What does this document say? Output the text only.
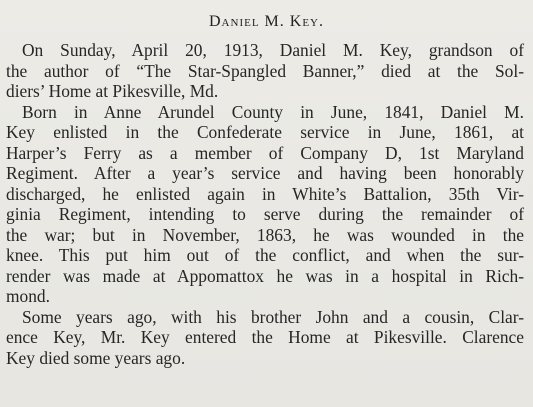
Daniel M. Key.
On Sunday, April 20, 1913, Daniel M. Key, grandson of
the author of “The Star-Spangled Banner,” died at the Sol-
diers’ Home at Pikesville, Md.
Born in Anne Arundel County in June, 1841, Daniel M.
Key enlisted in the Confederate service in June, 1861, at
Harper’s Ferry as a member of Company D, 1st Maryland
Regiment. After a year’s service and having been honorably
discharged, he enlisted again in White’s Battalion, 35th Vir-
ginia Regiment, intending to serve during the remainder of
the war; but in November, 1863, he was wounded in the
knee. This put him out of the conflict, and when the sur-
render was made at Appomattox he was in a hospital in Rich-
mond.
Some years ago, with his brother John and a cousin, Clar-
ence Key, Mr. Key entered the Home at Pikesville. Clarence
Key died some years ago.
